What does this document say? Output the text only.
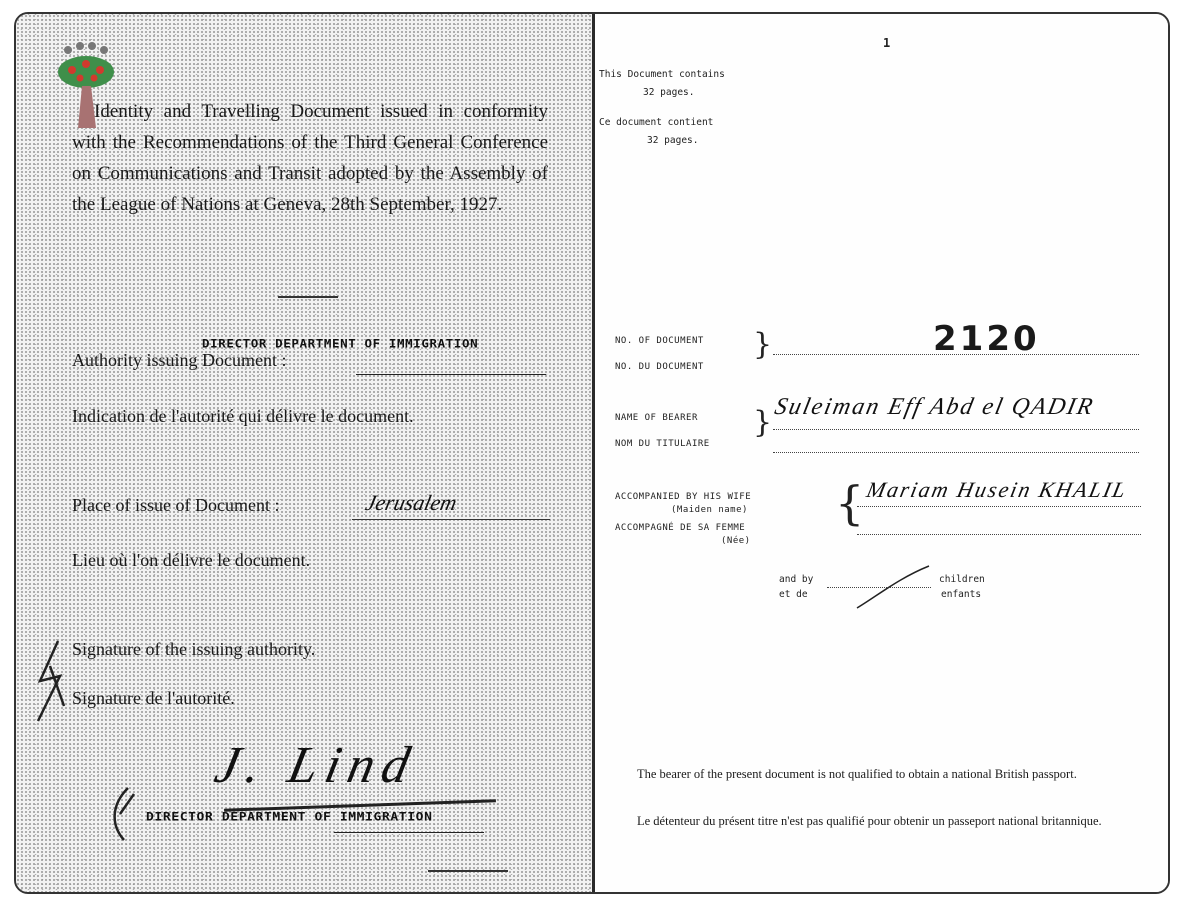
Identity and Travelling Document issued in conformity with the Recommendations of the Third General Conference on Communications and Transit adopted by the Assembly of the League of Nations at Geneva, 28th September, 1927.
DIRECTOR DEPARTMENT OF IMMIGRATION
Authority issuing Document :
Indication de l'autorité qui délivre le document.
Place of issue of Document :	Jerusalem
Lieu où l'on délivre le document.
Signature of the issuing authority.
Signature de l'autorité.
J. Lind
DIRECTOR DEPARTMENT OF IMMIGRATION
1
This Document contains
32 pages.
Ce document contient
32 pages.
NO. OF DOCUMENT
NO. DU DOCUMENT
}	2120
NAME OF BEARER
NOM DU TITULAIRE
} Suleiman Eff Abd el QADIR
ACCOMPANIED BY HIS WIFE
(Maiden name)
ACCOMPAGNÉ DE SA FEMME
(Née)
{ Mariam Husein KHALIL
and by
et de
children
enfants
The bearer of the present document is not qualified to obtain a national British passport.
Le détenteur du présent titre n'est pas qualifié pour obtenir un passeport national britannique.
